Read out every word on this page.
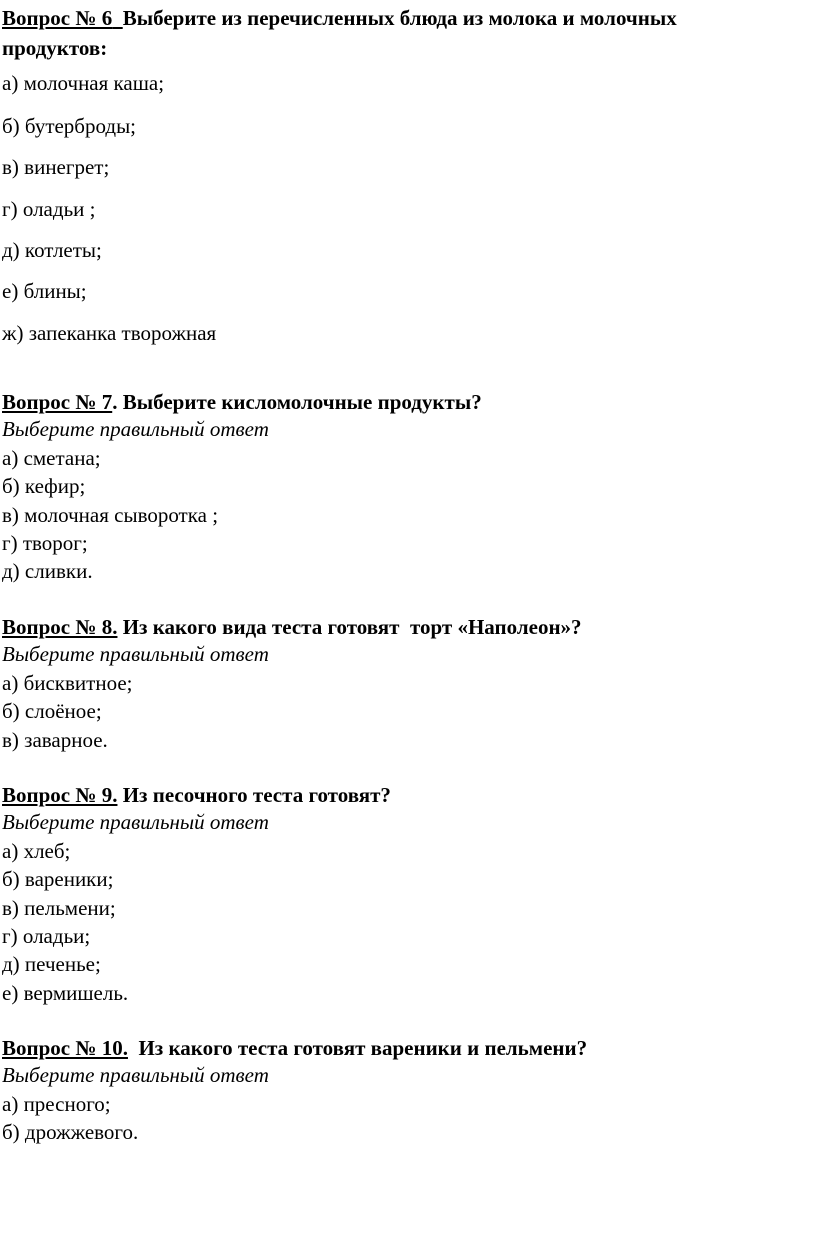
Вопрос № 6 Выберите из перечисленных блюда из молока и молочных
продуктов:
а) молочная каша;
б) бутерброды;
в) винегрет;
г) оладьи ;
д) котлеты;
е) блины;
ж) запеканка творожная
Вопрос № 7. Выберите кисломолочные продукты?
Выберите правильный ответ
а) сметана;
б) кефир;
в) молочная сыворотка ;
г) творог;
д) сливки.
Вопрос № 8. Из какого вида теста готовят  торт «Наполеон»?
Выберите правильный ответ
а) бисквитное;
б) слоёное;
в) заварное.
Вопрос № 9. Из песочного теста готовят?
Выберите правильный ответ
а) хлеб;
б) вареники;
в) пельмени;
г) оладьи;
д) печенье;
е) вермишель.
Вопрос № 10.  Из какого теста готовят вареники и пельмени?
Выберите правильный ответ
а) пресного;
б) дрожжевого.
